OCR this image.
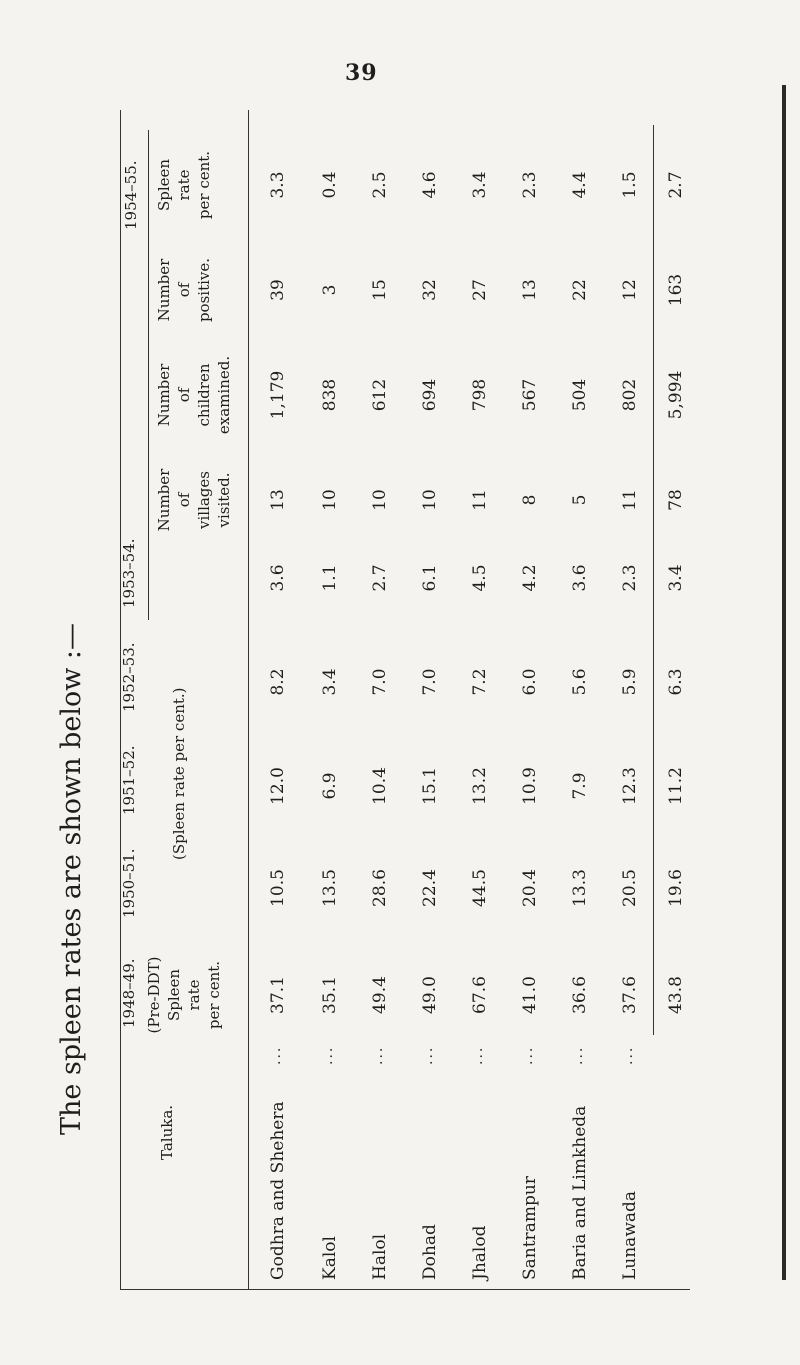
39
The spleen rates are shown below :—	Taluka.
1948–49. (Pre-DDT) Spleen rate per cent.
1950–51.
1951–52.
1952–53.
1953–54.
(Spleen rate per cent.)
1954–55.
Number of villages visited.
Number of children examined.
Number of positive.
Spleen rate per cent.
Godhra and Shehera
...
37.1
10.5
12.0
8.2
3.6
13
1,179
39
3.3
Kalol
...
35.1
13.5
6.9
3.4
1.1
10
838
3
0.4
Halol
...
49.4
28.6
10.4
7.0
2.7
10
612
15
2.5
Dohad
...
49.0
22.4
15.1
7.0
6.1
10
694
32
4.6
Jhalod
...
67.6
44.5
13.2
7.2
4.5
11
798
27
3.4
Santrampur
...
41.0
20.4
10.9
6.0
4.2
8
567
13
2.3
Baria and Limkheda
...
36.6
13.3
7.9
5.6
3.6
5
504
22
4.4
Lunawada
...
37.6
20.5
12.3
5.9
2.3
11
802
12
1.5
43.8
19.6
11.2
6.3
3.4
78
5,994
163
2.7
